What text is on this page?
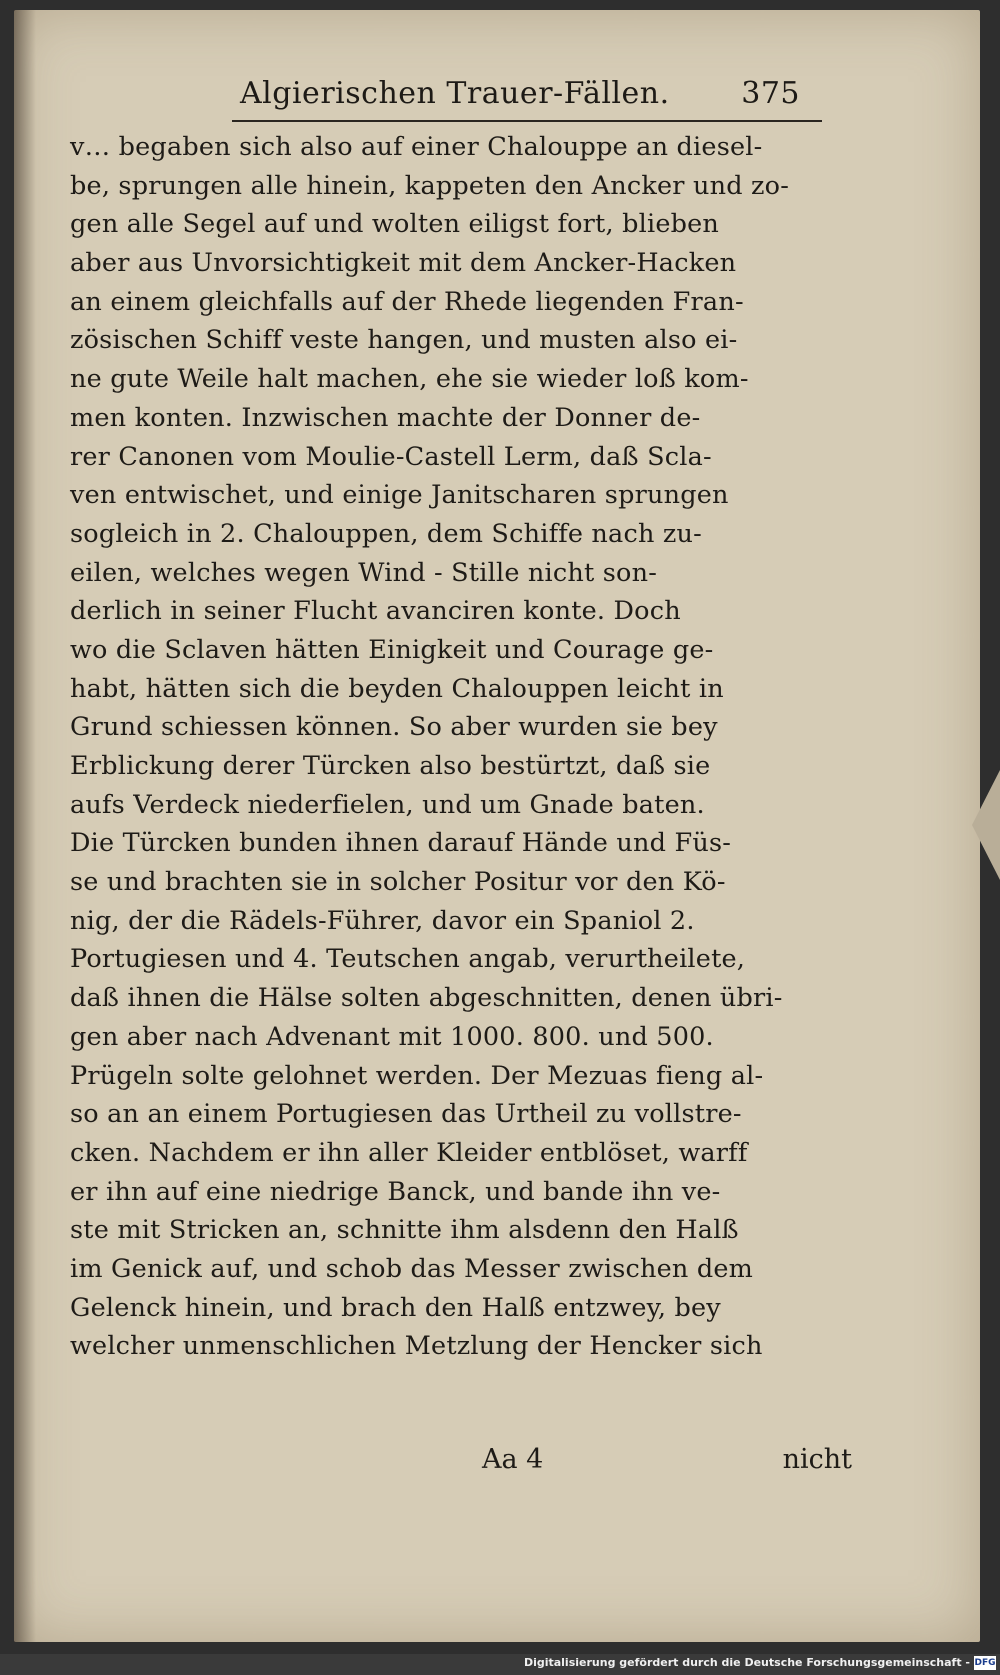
Algierischen Trauer-Fällen. 375
v… begaben sich also auf einer Chalouppe an diesel-
be, sprungen alle hinein, kappeten den Ancker und zo-
gen alle Segel auf und wolten eiligst fort, blieben
aber aus Unvorsichtigkeit mit dem Ancker-Hacken
an einem gleichfalls auf der Rhede liegenden Fran-
zösischen Schiff veste hangen, und musten also ei-
ne gute Weile halt machen, ehe sie wieder loß kom-
men konten. Inzwischen machte der Donner de-
rer Canonen vom Moulie-Castell Lerm, daß Scla-
ven entwischet, und einige Janitscharen sprungen
sogleich in 2. Chalouppen, dem Schiffe nach zu-
eilen, welches wegen Wind - Stille nicht son-
derlich in seiner Flucht avanciren konte. Doch
wo die Sclaven hätten Einigkeit und Courage ge-
habt, hätten sich die beyden Chalouppen leicht in
Grund schiessen können. So aber wurden sie bey
Erblickung derer Türcken also bestürtzt, daß sie
aufs Verdeck niederfielen, und um Gnade baten.
Die Türcken bunden ihnen darauf Hände und Füs-
se und brachten sie in solcher Positur vor den Kö-
nig, der die Rädels-Führer, davor ein Spaniol 2.
Portugiesen und 4. Teutschen angab, verurtheilete,
daß ihnen die Hälse solten abgeschnitten, denen übri-
gen aber nach Advenant mit 1000. 800. und 500.
Prügeln solte gelohnet werden. Der Mezuas fieng al-
so an an einem Portugiesen das Urtheil zu vollstre-
cken. Nachdem er ihn aller Kleider entblöset, warff
er ihn auf eine niedrige Banck, und bande ihn ve-
ste mit Stricken an, schnitte ihm alsdenn den Halß
im Genick auf, und schob das Messer zwischen dem
Gelenck hinein, und brach den Halß entzwey, bey
welcher unmenschlichen Metzlung der Hencker sich
Aa 4	nicht
Digitalisierung gefördert durch die Deutsche Forschungsgemeinschaft - DFG
